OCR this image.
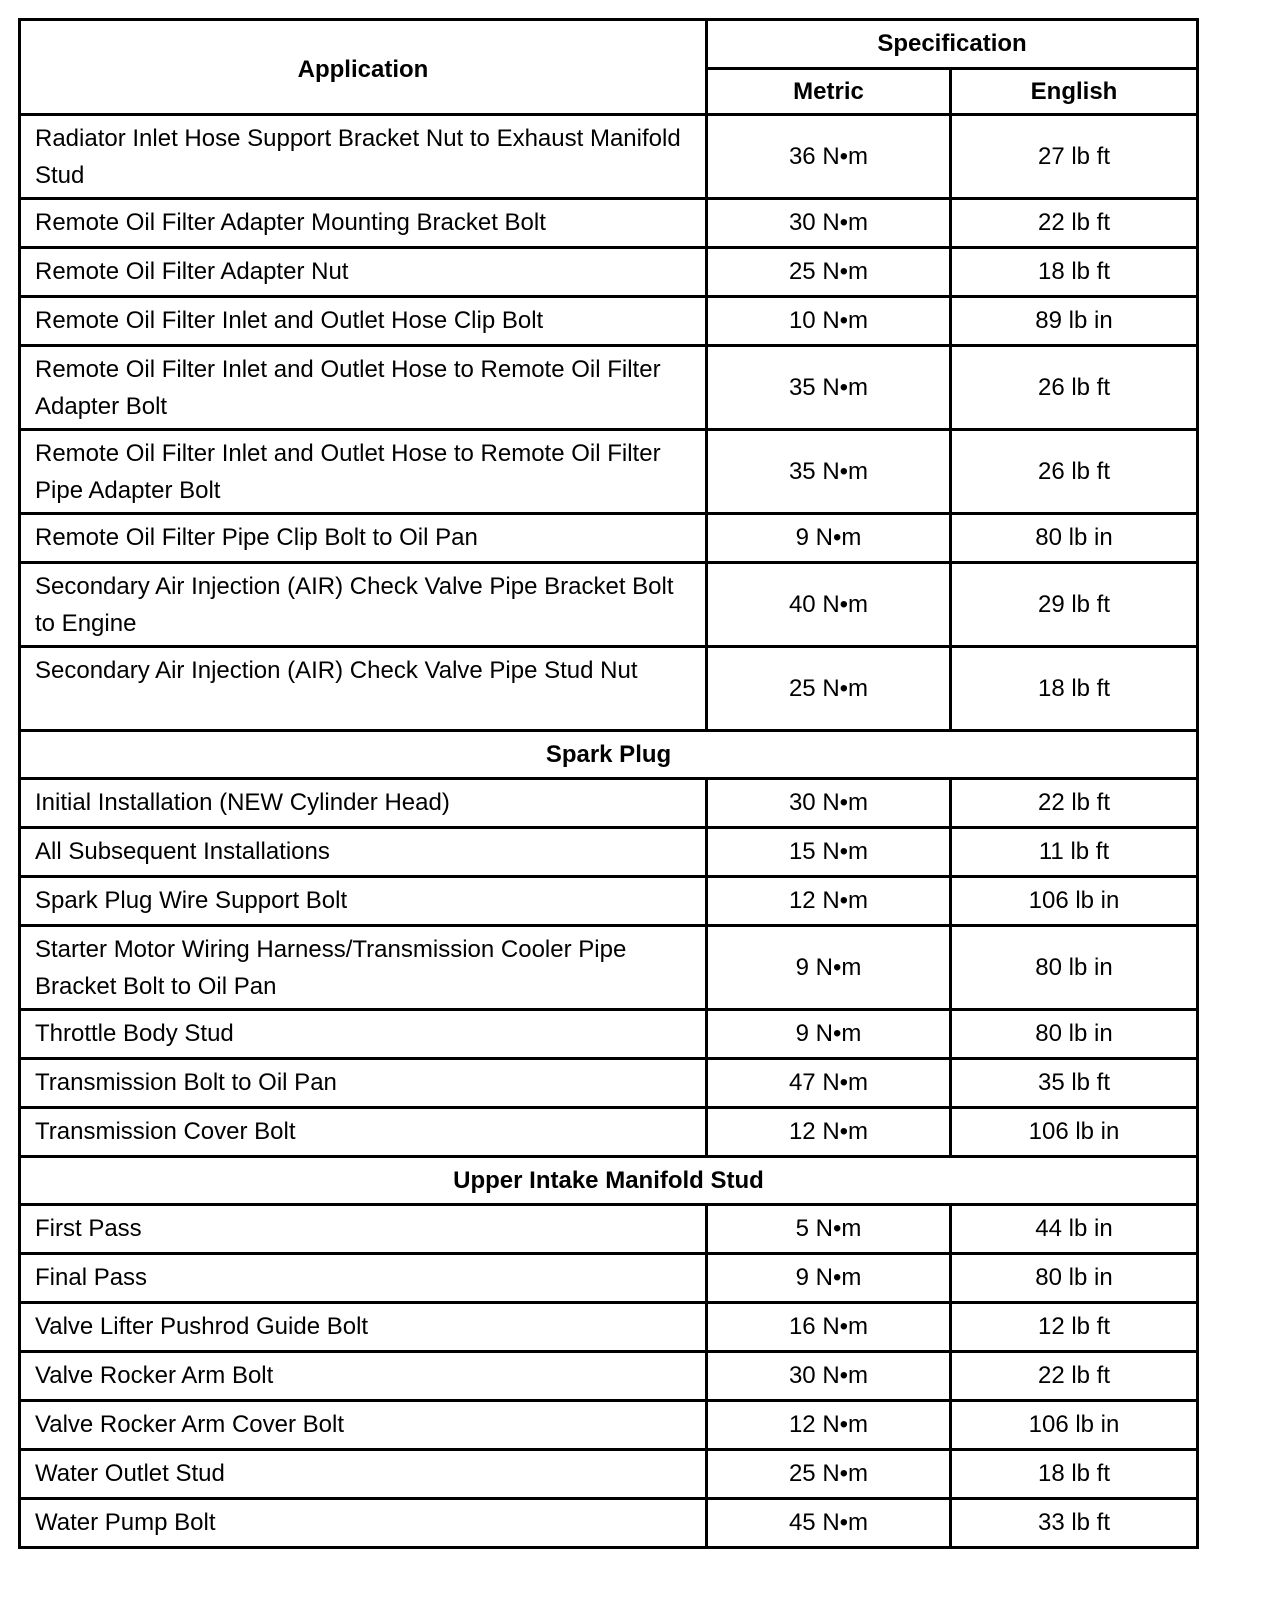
Application	Specification	
	Metric	English
Radiator Inlet Hose Support Bracket Nut to Exhaust Manifold Stud	36 N•m	27 lb ft
Remote Oil Filter Adapter Mounting Bracket Bolt	30 N•m	22 lb ft
Remote Oil Filter Adapter Nut	25 N•m	18 lb ft
Remote Oil Filter Inlet and Outlet Hose Clip Bolt	10 N•m	89 lb in
Remote Oil Filter Inlet and Outlet Hose to Remote Oil Filter Adapter Bolt	35 N•m	26 lb ft
Remote Oil Filter Inlet and Outlet Hose to Remote Oil Filter Pipe Adapter Bolt	35 N•m	26 lb ft
Remote Oil Filter Pipe Clip Bolt to Oil Pan	9 N•m	80 lb in
Secondary Air Injection (AIR) Check Valve Pipe Bracket Bolt to Engine	40 N•m	29 lb ft
Secondary Air Injection (AIR) Check Valve Pipe Stud Nut	25 N•m	18 lb ft
Spark Plug		
Initial Installation (NEW Cylinder Head)	30 N•m	22 lb ft
All Subsequent Installations	15 N•m	11 lb ft
Spark Plug Wire Support Bolt	12 N•m	106 lb in
Starter Motor Wiring Harness/Transmission Cooler Pipe Bracket Bolt to Oil Pan	9 N•m	80 lb in
Throttle Body Stud	9 N•m	80 lb in
Transmission Bolt to Oil Pan	47 N•m	35 lb ft
Transmission Cover Bolt	12 N•m	106 lb in
Upper Intake Manifold Stud		
First Pass	5 N•m	44 lb in
Final Pass	9 N•m	80 lb in
Valve Lifter Pushrod Guide Bolt	16 N•m	12 lb ft
Valve Rocker Arm Bolt	30 N•m	22 lb ft
Valve Rocker Arm Cover Bolt	12 N•m	106 lb in
Water Outlet Stud	25 N•m	18 lb ft
Water Pump Bolt	45 N•m	33 lb ft
